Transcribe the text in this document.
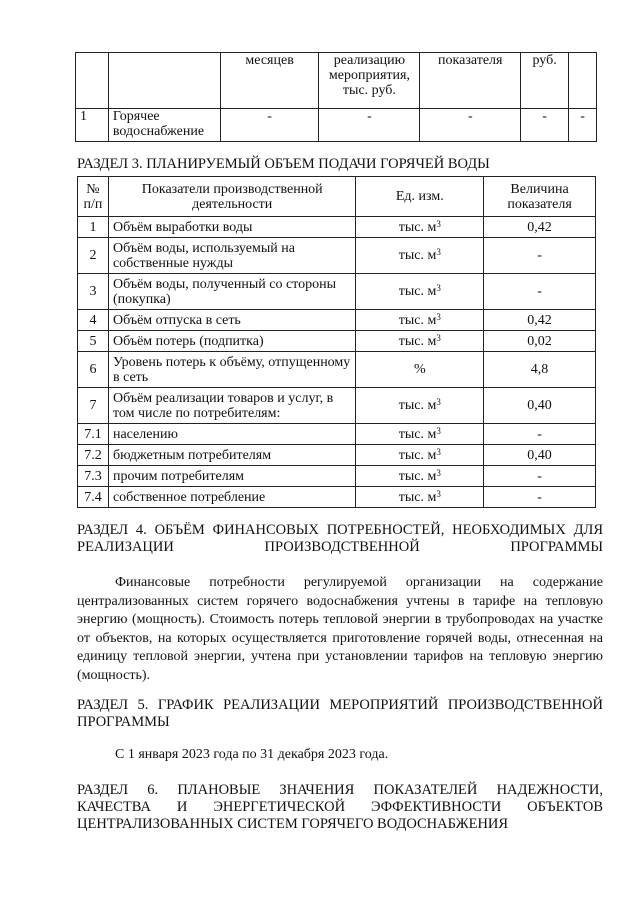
		месяцев	реализацию мероприятия, тыс. руб.	показателя	руб.	
1	Горячее водоснабжение	-	-	-	-	-

РАЗДЕЛ 3. ПЛАНИРУЕМЫЙ ОБЪЕМ ПОДАЧИ ГОРЯЧЕЙ ВОДЫ

№ п/п	Показатели производственной деятельности	Ед. изм.	Величина показателя
1	Объём выработки воды	тыс. $м^3$	0,42
2	Объём воды, используемый на собственные нужды	тыс. $м^3$	-
3	Объём воды, полученный со стороны (покупка)	тыс. $м^3$	-
4	Объём отпуска в сеть	тыс. $м^3$	0,42
5	Объём потерь (подпитка)	тыс. $м^3$	0,02
6	Уровень потерь к объёму, отпущенному в сеть	%	4,8
7	Объём реализации товаров и услуг, в том числе по потребителям:	тыс. $м^3$	0,40
7.1	населению	тыс. $м^3$	-
7.2	бюджетным потребителям	тыс. $м^3$	0,40
7.3	прочим потребителям	тыс. $м^3$	-
7.4	собственное потребление	тыс. $м^3$	-

РАЗДЕЛ 4. ОБЪЁМ ФИНАНСОВЫХ ПОТРЕБНОСТЕЙ, НЕОБХОДИМЫХ ДЛЯ РЕАЛИЗАЦИИ ПРОИЗВОДСТВЕННОЙ ПРОГРАММЫ

Финансовые потребности регулируемой организации на содержание централизованных систем горячего водоснабжения учтены в тарифе на тепловую энергию (мощность). Стоимость потерь тепловой энергии в трубопроводах на участке от объектов, на которых осуществляется приготовление горячей воды, отнесенная на единицу тепловой энергии, учтена при установлении тарифов на тепловую энергию (мощность).

РАЗДЕЛ 5. ГРАФИК РЕАЛИЗАЦИИ МЕРОПРИЯТИЙ ПРОИЗВОДСТВЕННОЙ ПРОГРАММЫ

С 1 января 2023 года по 31 декабря 2023 года.

РАЗДЕЛ 6. ПЛАНОВЫЕ ЗНАЧЕНИЯ ПОКАЗАТЕЛЕЙ НАДЕЖНОСТИ,
КАЧЕСТВА И ЭНЕРГЕТИЧЕСКОЙ ЭФФЕКТИВНОСТИ ОБЪЕКТОВ
ЦЕНТРАЛИЗОВАННЫХ СИСТЕМ ГОРЯЧЕГО ВОДОСНАБЖЕНИЯ
